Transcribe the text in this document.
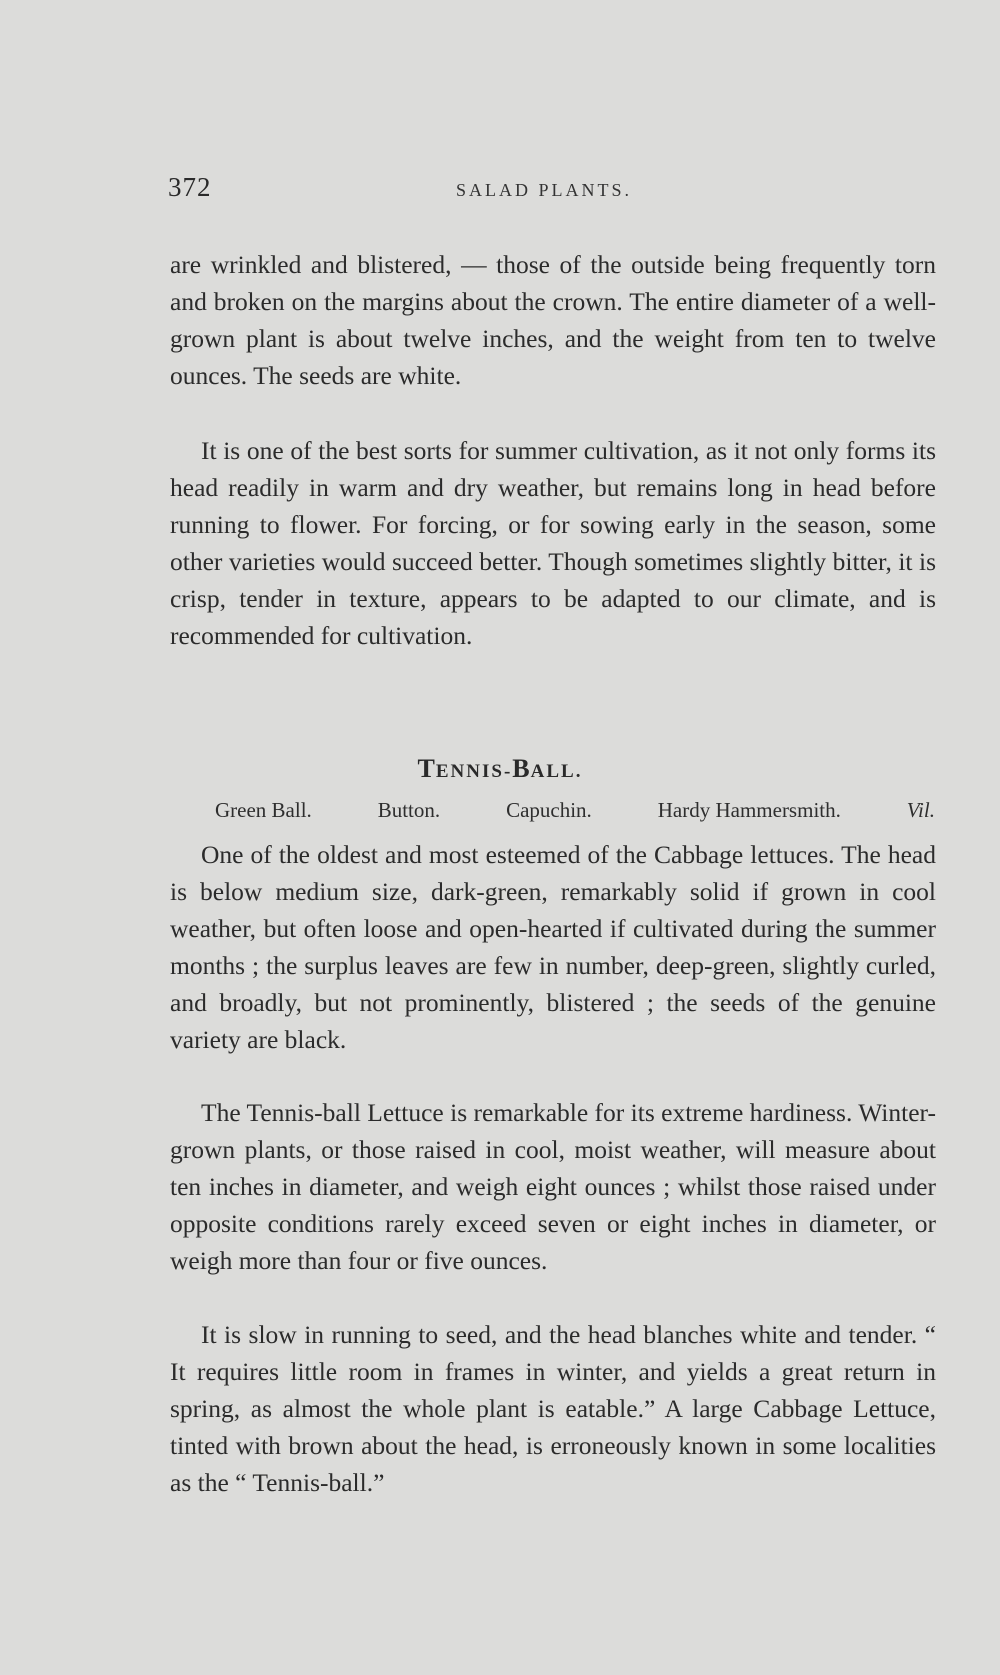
372	SALAD PLANTS.

are wrinkled and blistered, — those of the outside being frequently torn and broken on the margins about the crown. The entire diameter of a well-grown plant is about twelve inches, and the weight from ten to twelve ounces. The seeds are white.

It is one of the best sorts for summer cultivation, as it not only forms its head readily in warm and dry weather, but remains long in head before running to flower. For forcing, or for sowing early in the season, some other varieties would succeed better. Though sometimes slightly bitter, it is crisp, tender in texture, appears to be adapted to our climate, and is recommended for cultivation.

TENNIS-BALL.
Green Ball.	Button.	Capuchin.	Hardy Hammersmith.	Vil.

One of the oldest and most esteemed of the Cabbage lettuces. The head is below medium size, dark-green, remarkably solid if grown in cool weather, but often loose and open-hearted if cultivated during the summer months ; the surplus leaves are few in number, deep-green, slightly curled, and broadly, but not prominently, blistered ; the seeds of the genuine variety are black.

The Tennis-ball Lettuce is remarkable for its extreme hardiness. Winter-grown plants, or those raised in cool, moist weather, will measure about ten inches in diameter, and weigh eight ounces ; whilst those raised under opposite conditions rarely exceed seven or eight inches in diameter, or weigh more than four or five ounces.

It is slow in running to seed, and the head blanches white and tender. “ It requires little room in frames in winter, and yields a great return in spring, as almost the whole plant is eatable.” A large Cabbage Lettuce, tinted with brown about the head, is erroneously known in some localities as the “ Tennis-ball.”
